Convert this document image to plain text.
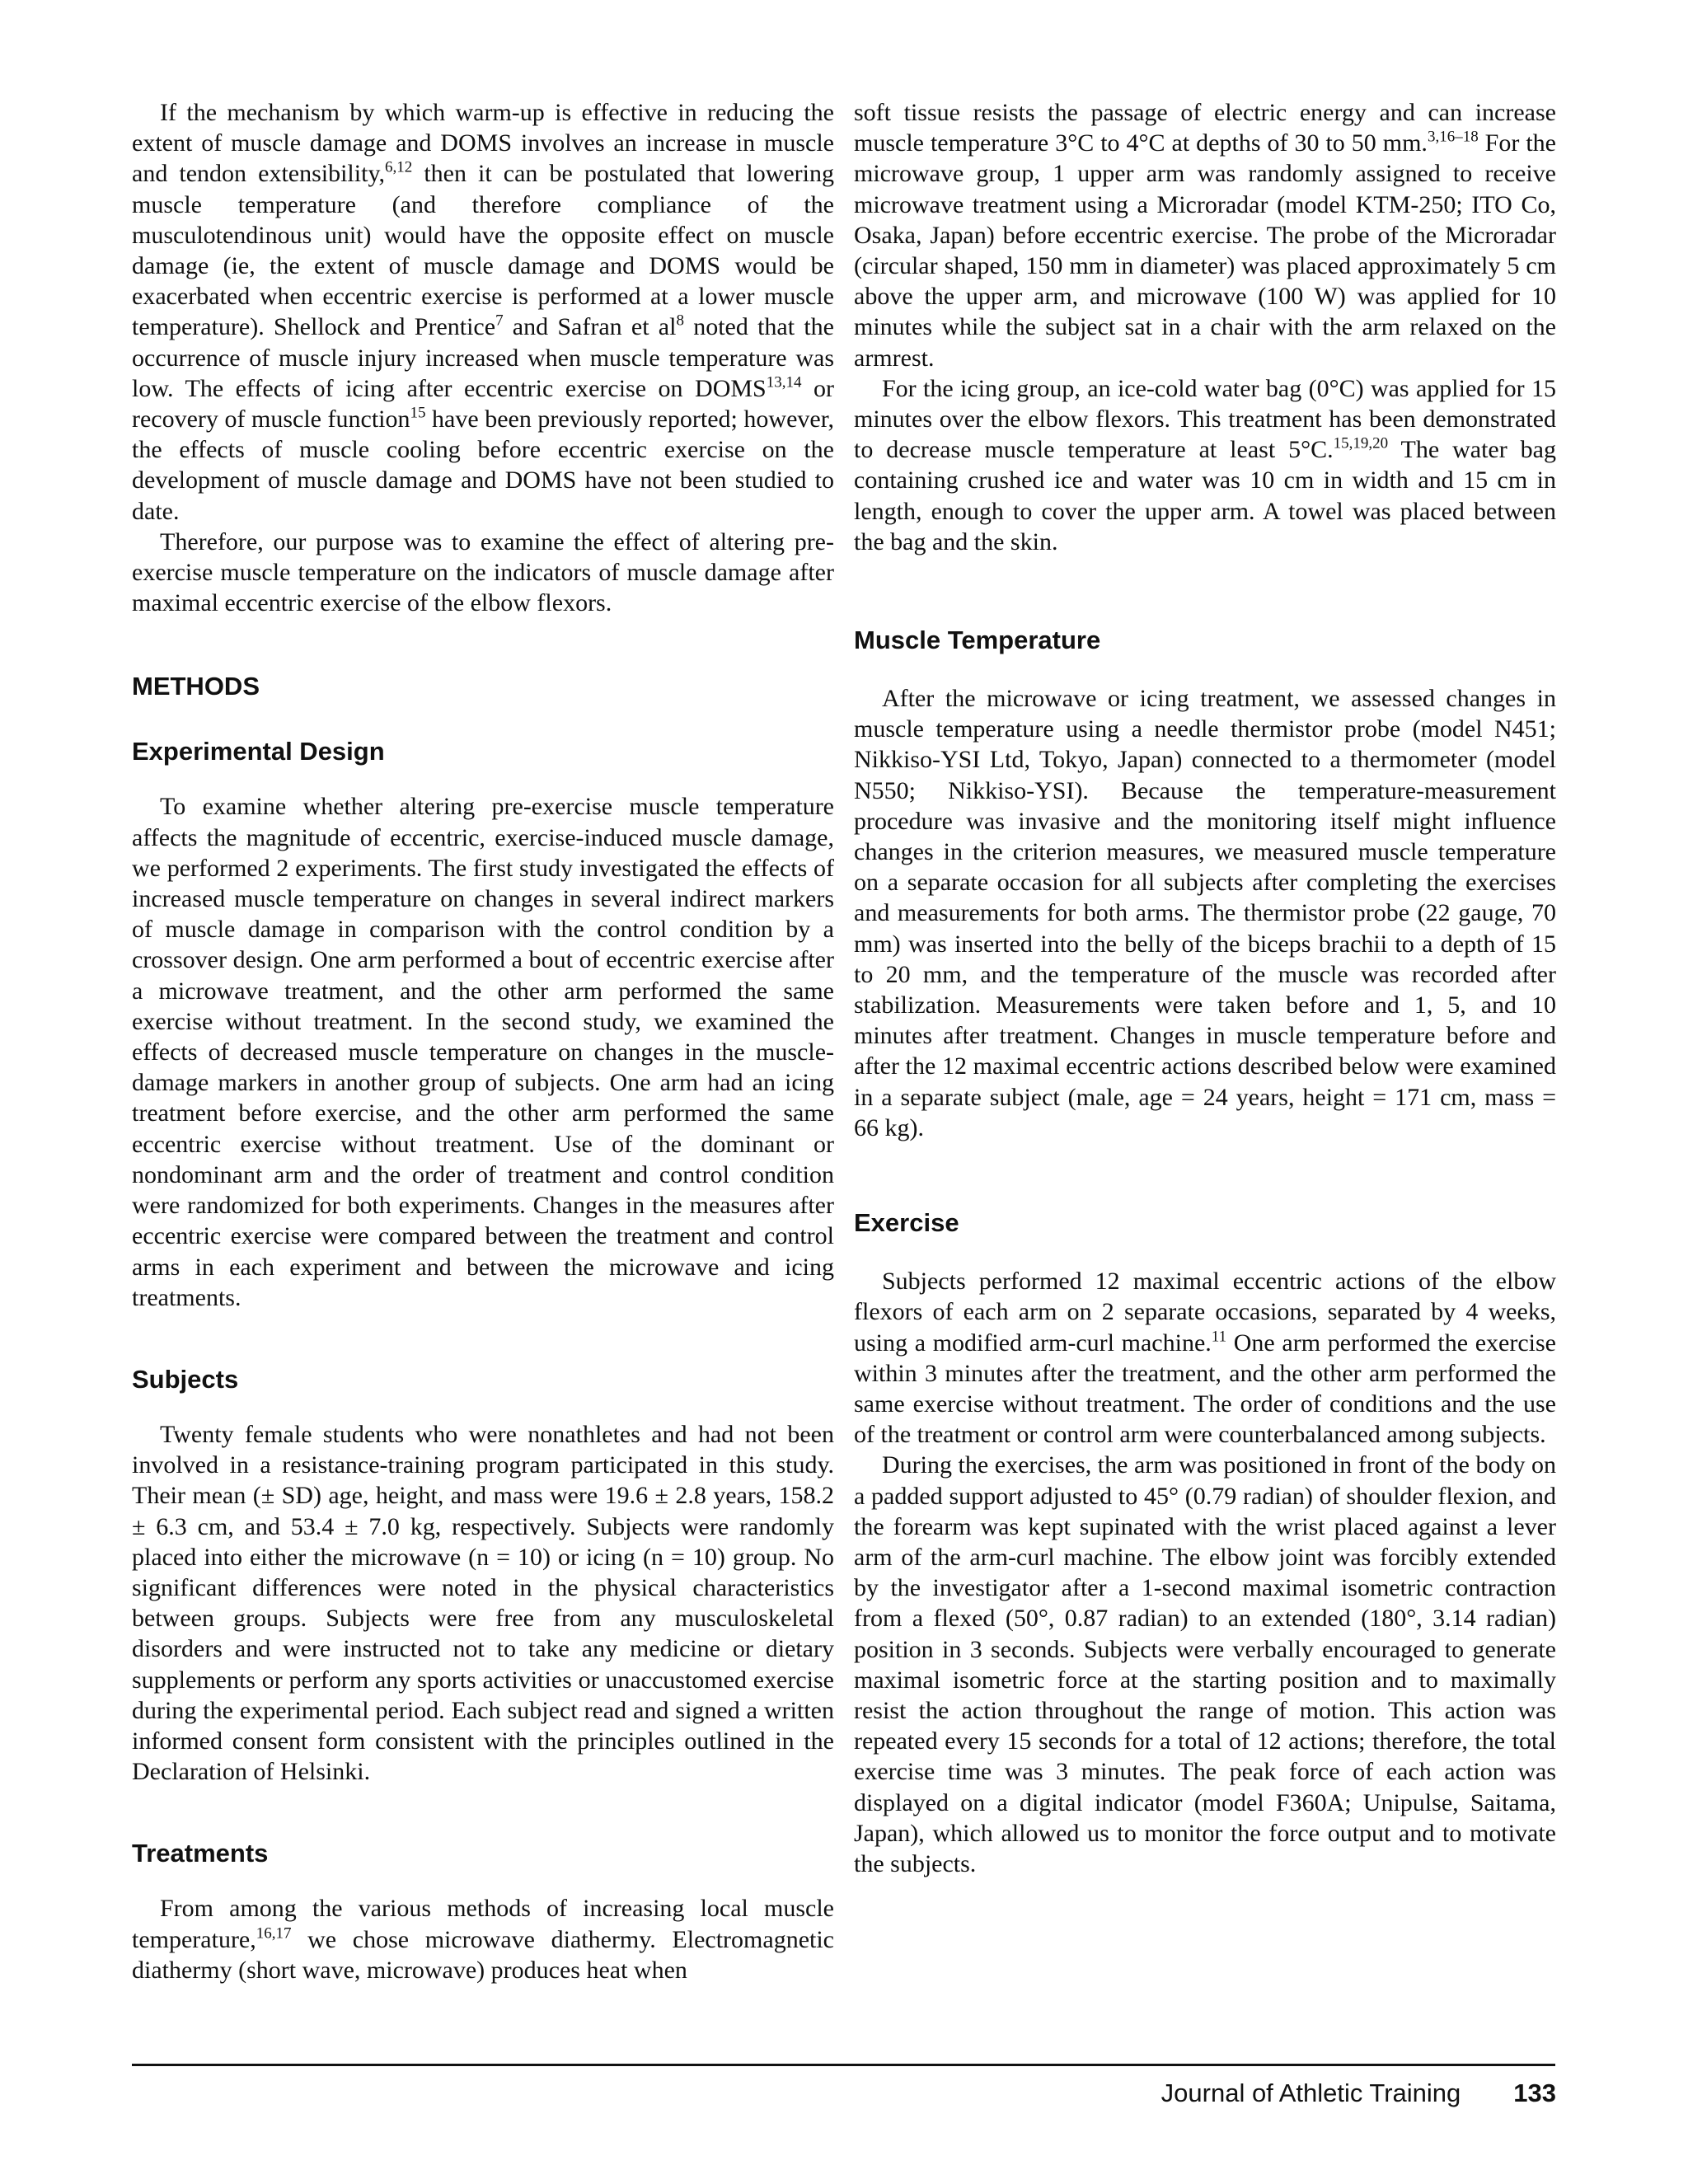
If the mechanism by which warm-up is effective in reducing the extent of muscle damage and DOMS involves an increase in muscle and tendon extensibility,$^{6,12}$ then it can be postulated that lowering muscle temperature (and therefore compliance of the musculotendinous unit) would have the opposite effect on muscle damage (ie, the extent of muscle damage and DOMS would be exacerbated when eccentric exercise is performed at a lower muscle temperature). Shellock and Prentice$^7$ and Safran et $al^8$ noted that the occurrence of muscle injury increased when muscle temperature was low. The effects of icing after eccentric exercise on DOMS$^{13,14}$ or recovery of muscle function$^{15}$ have been previously reported; however, the effects of muscle cooling before eccentric exercise on the development of muscle damage and DOMS have not been studied to date.

Therefore, our purpose was to examine the effect of altering pre-exercise muscle temperature on the indicators of muscle damage after maximal eccentric exercise of the elbow flexors.

METHODS
Experimental Design

To examine whether altering pre-exercise muscle temperature affects the magnitude of eccentric, exercise-induced muscle damage, we performed 2 experiments. The first study investigated the effects of increased muscle temperature on changes in several indirect markers of muscle damage in comparison with the control condition by a crossover design. One arm performed a bout of eccentric exercise after a microwave treatment, and the other arm performed the same exercise without treatment. In the second study, we examined the effects of decreased muscle temperature on changes in the muscle-damage markers in another group of subjects. One arm had an icing treatment before exercise, and the other arm performed the same eccentric exercise without treatment. Use of the dominant or nondominant arm and the order of treatment and control condition were randomized for both experiments. Changes in the measures after eccentric exercise were compared between the treatment and control arms in each experiment and between the microwave and icing treatments.

Subjects

Twenty female students who were nonathletes and had not been involved in a resistance-training program participated in this study. Their mean (± SD) age, height, and mass were 19.6 ± 2.8 years, 158.2 ± 6.3 cm, and 53.4 ± 7.0 kg, respectively. Subjects were randomly placed into either the microwave (n = 10) or icing (n = 10) group. No significant differences were noted in the physical characteristics between groups. Subjects were free from any musculoskeletal disorders and were instructed not to take any medicine or dietary supplements or perform any sports activities or unaccustomed exercise during the experimental period. Each subject read and signed a written informed consent form consistent with the principles outlined in the Declaration of Helsinki.

Treatments

From among the various methods of increasing local muscle temperature,$^{16,17}$ we chose microwave diathermy. Electromagnetic diathermy (short wave, microwave) produces heat when

soft tissue resists the passage of electric energy and can increase muscle temperature 3°C to 4°C at depths of 30 to 50 mm.$^{3,16-18}$ For the microwave group, 1 upper arm was randomly assigned to receive microwave treatment using a Microradar (model KTM-250; ITO Co, Osaka, Japan) before eccentric exercise. The probe of the Microradar (circular shaped, 150 mm in diameter) was placed approximately 5 cm above the upper arm, and microwave (100 W) was applied for 10 minutes while the subject sat in a chair with the arm relaxed on the armrest.

For the icing group, an ice-cold water bag (0°C) was applied for 15 minutes over the elbow flexors. This treatment has been demonstrated to decrease muscle temperature at least 5°C.$^{15,19,20}$ The water bag containing crushed ice and water was 10 cm in width and 15 cm in length, enough to cover the upper arm. A towel was placed between the bag and the skin.

Muscle Temperature

After the microwave or icing treatment, we assessed changes in muscle temperature using a needle thermistor probe (model N451; Nikkiso-YSI Ltd, Tokyo, Japan) connected to a thermometer (model N550; Nikkiso-YSI). Because the temperature-measurement procedure was invasive and the monitoring itself might influence changes in the criterion measures, we measured muscle temperature on a separate occasion for all subjects after completing the exercises and measurements for both arms. The thermistor probe (22 gauge, 70 mm) was inserted into the belly of the biceps brachii to a depth of 15 to 20 mm, and the temperature of the muscle was recorded after stabilization. Measurements were taken before and 1, 5, and 10 minutes after treatment. Changes in muscle temperature before and after the 12 maximal eccentric actions described below were examined in a separate subject (male, age = 24 years, height = 171 cm, mass = 66 kg).

Exercise

Subjects performed 12 maximal eccentric actions of the elbow flexors of each arm on 2 separate occasions, separated by 4 weeks, using a modified arm-curl machine.$^{11}$ One arm performed the exercise within 3 minutes after the treatment, and the other arm performed the same exercise without treatment. The order of conditions and the use of the treatment or control arm were counterbalanced among subjects.

During the exercises, the arm was positioned in front of the body on a padded support adjusted to 45° (0.79 radian) of shoulder flexion, and the forearm was kept supinated with the wrist placed against a lever arm of the arm-curl machine. The elbow joint was forcibly extended by the investigator after a 1-second maximal isometric contraction from a flexed (50°, 0.87 radian) to an extended (180°, 3.14 radian) position in 3 seconds. Subjects were verbally encouraged to generate maximal isometric force at the starting position and to maximally resist the action throughout the range of motion. This action was repeated every 15 seconds for a total of 12 actions; therefore, the total exercise time was 3 minutes. The peak force of each action was displayed on a digital indicator (model F360A; Unipulse, Saitama, Japan), which allowed us to monitor the force output and to motivate the subjects.

Journal of Athletic Training 133
